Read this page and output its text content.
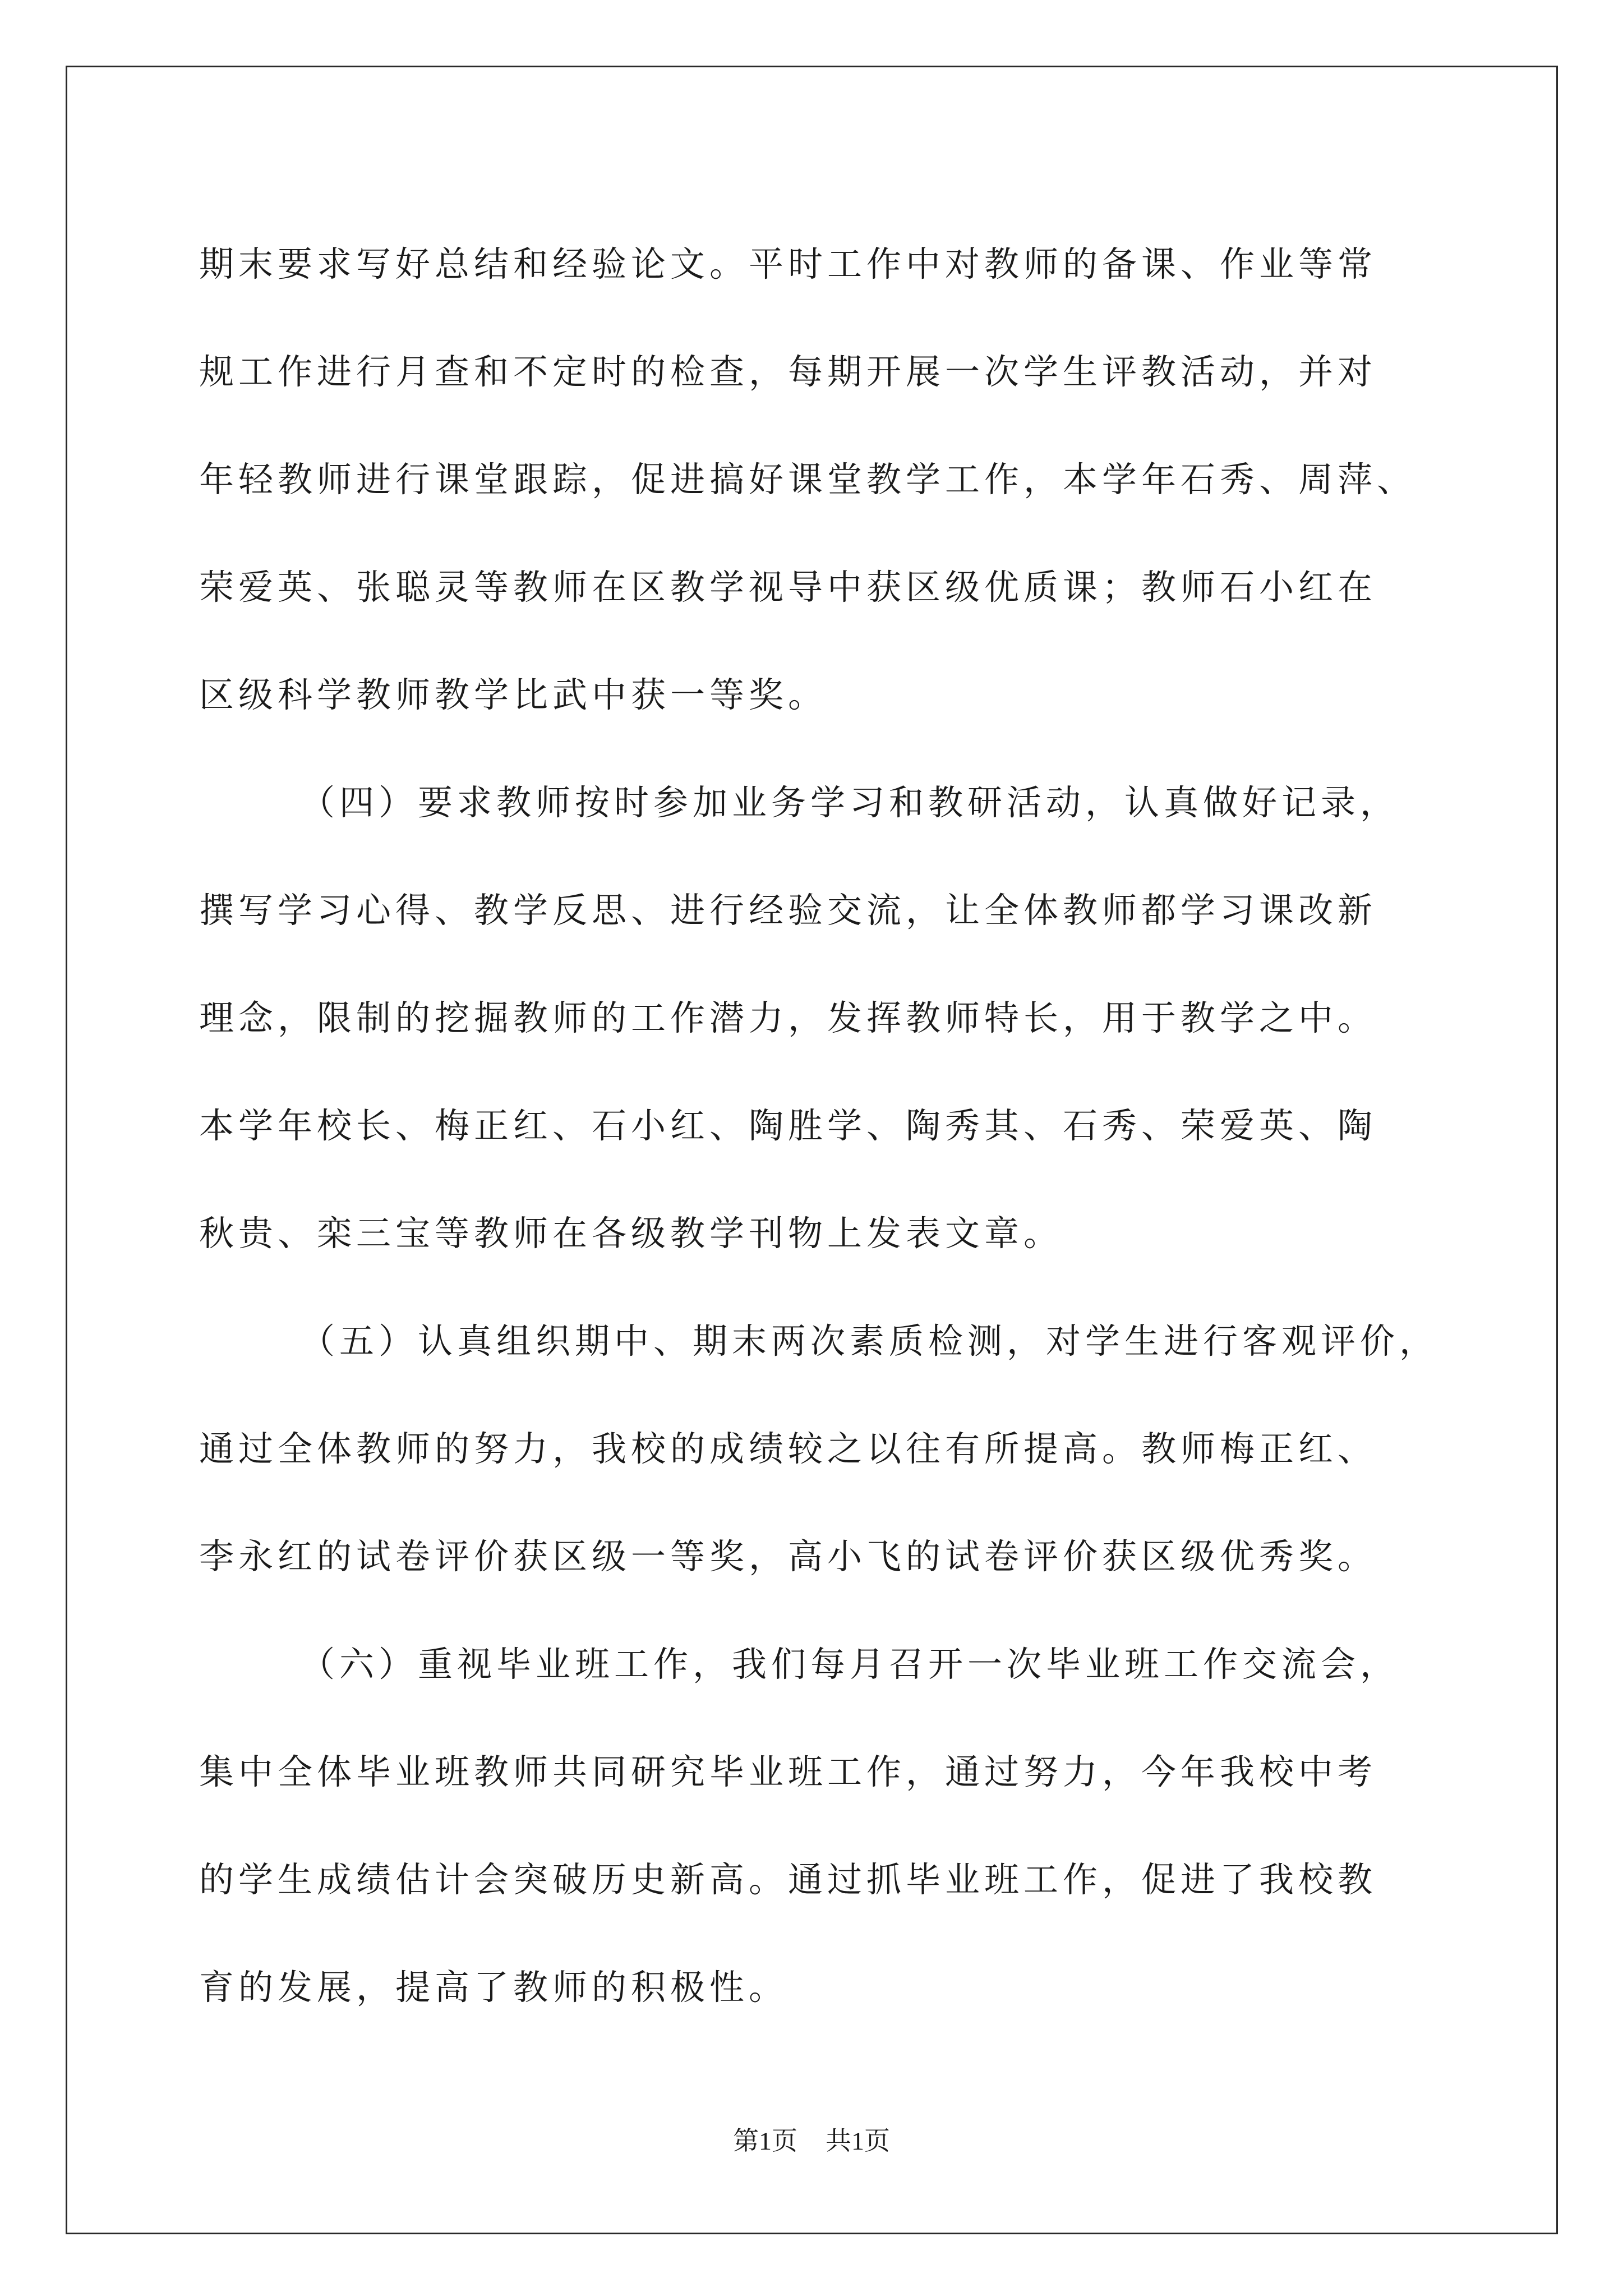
期末要求写好总结和经验论文。平时工作中对教师的备课、作业等常
规工作进行月查和不定时的检查，每期开展一次学生评教活动，并对
年轻教师进行课堂跟踪，促进搞好课堂教学工作，本学年石秀、周萍、
荣爱英、张聪灵等教师在区教学视导中获区级优质课；教师石小红在
区级科学教师教学比武中获一等奖。
（四）要求教师按时参加业务学习和教研活动，认真做好记录，
撰写学习心得、教学反思、进行经验交流，让全体教师都学习课改新
理念，限制的挖掘教师的工作潜力，发挥教师特长，用于教学之中。
本学年校长、梅正红、石小红、陶胜学、陶秀其、石秀、荣爱英、陶
秋贵、栾三宝等教师在各级教学刊物上发表文章。
（五）认真组织期中、期末两次素质检测，对学生进行客观评价，
通过全体教师的努力，我校的成绩较之以往有所提高。教师梅正红、
李永红的试卷评价获区级一等奖，高小飞的试卷评价获区级优秀奖。
（六）重视毕业班工作，我们每月召开一次毕业班工作交流会，
集中全体毕业班教师共同研究毕业班工作，通过努力，今年我校中考
的学生成绩估计会突破历史新高。通过抓毕业班工作，促进了我校教
育的发展，提高了教师的积极性。
第1页 共1页
